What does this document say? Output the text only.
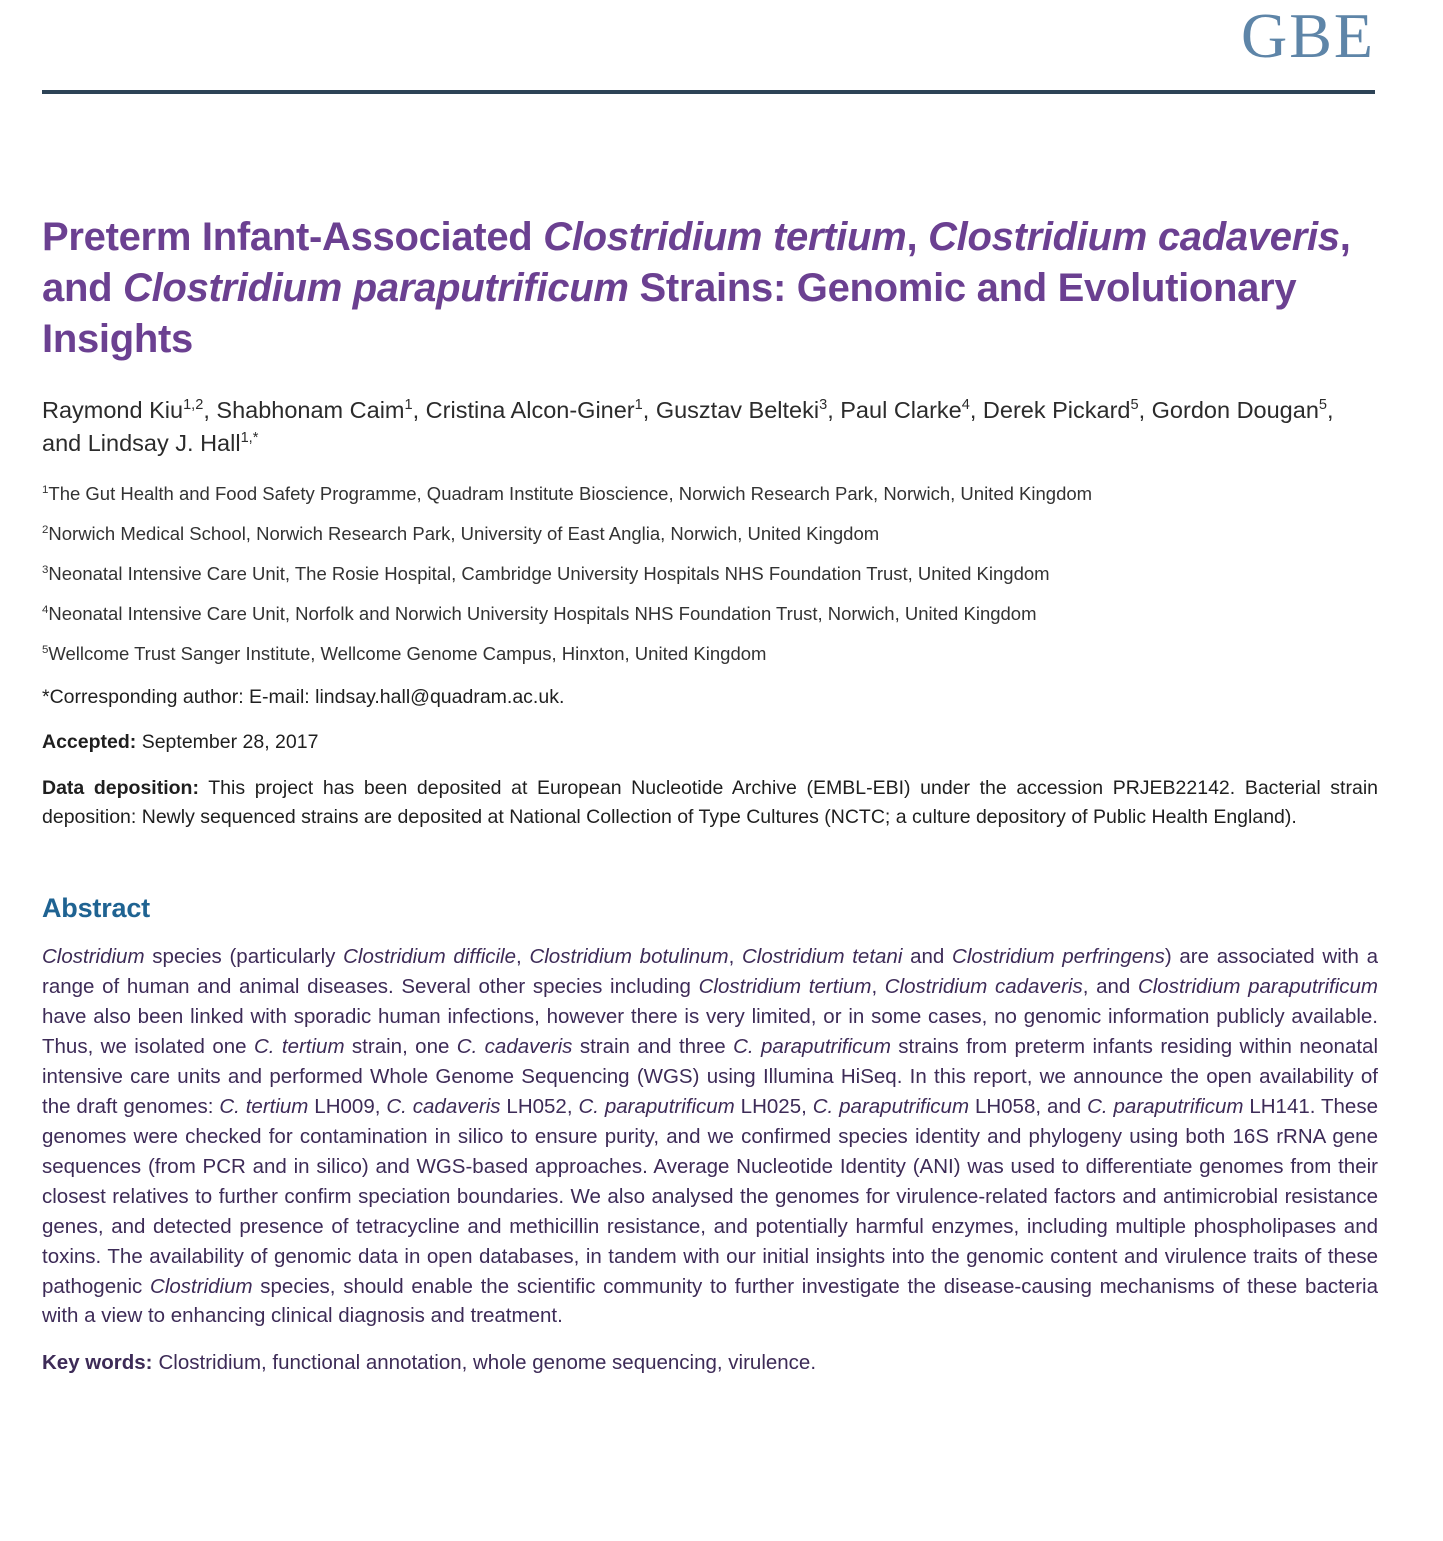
GBE
Preterm Infant-Associated Clostridium tertium, Clostridium cadaveris, and Clostridium paraputrificum Strains: Genomic and Evolutionary Insights
Raymond Kiu$^{1,2}$, Shabhonam Caim$^1$, Cristina Alcon-Giner$^1$, Gusztav Belteki$^3$, Paul Clarke$^4$, Derek Pickard$^5$, Gordon Dougan$^5$, and Lindsay J. Hall$^{1,*}$
$^1$The Gut Health and Food Safety Programme, Quadram Institute Bioscience, Norwich Research Park, Norwich, United Kingdom
$^2$Norwich Medical School, Norwich Research Park, University of East Anglia, Norwich, United Kingdom
$^3$Neonatal Intensive Care Unit, The Rosie Hospital, Cambridge University Hospitals NHS Foundation Trust, United Kingdom
$^4$Neonatal Intensive Care Unit, Norfolk and Norwich University Hospitals NHS Foundation Trust, Norwich, United Kingdom
$^5$Wellcome Trust Sanger Institute, Wellcome Genome Campus, Hinxton, United Kingdom
*Corresponding author: E-mail: lindsay.hall@quadram.ac.uk.
Accepted: September 28, 2017
Data deposition: This project has been deposited at European Nucleotide Archive (EMBL-EBI) under the accession PRJEB22142. Bacterial strain deposition: Newly sequenced strains are deposited at National Collection of Type Cultures (NCTC; a culture depository of Public Health England).
Abstract
Clostridium species (particularly Clostridium difficile, Clostridium botulinum, Clostridium tetani and Clostridium perfringens) are associated with a range of human and animal diseases. Several other species including Clostridium tertium, Clostridium cadaveris, and Clostridium paraputrificum have also been linked with sporadic human infections, however there is very limited, or in some cases, no genomic information publicly available. Thus, we isolated one C. tertium strain, one C. cadaveris strain and three C. paraputrificum strains from preterm infants residing within neonatal intensive care units and performed Whole Genome Sequencing (WGS) using Illumina HiSeq. In this report, we announce the open availability of the draft genomes: C. tertium LH009, C. cadaveris LH052, C. paraputrificum LH025, C. paraputrificum LH058, and C. paraputrificum LH141. These genomes were checked for contamination in silico to ensure purity, and we confirmed species identity and phylogeny using both 16S rRNA gene sequences (from PCR and in silico) and WGS-based approaches. Average Nucleotide Identity (ANI) was used to differentiate genomes from their closest relatives to further confirm speciation boundaries. We also analysed the genomes for virulence-related factors and antimicrobial resistance genes, and detected presence of tetracycline and methicillin resistance, and potentially harmful enzymes, including multiple phospholipases and toxins. The availability of genomic data in open databases, in tandem with our initial insights into the genomic content and virulence traits of these pathogenic Clostridium species, should enable the scientific community to further investigate the disease-causing mechanisms of these bacteria with a view to enhancing clinical diagnosis and treatment.
Key words: Clostridium, functional annotation, whole genome sequencing, virulence.
